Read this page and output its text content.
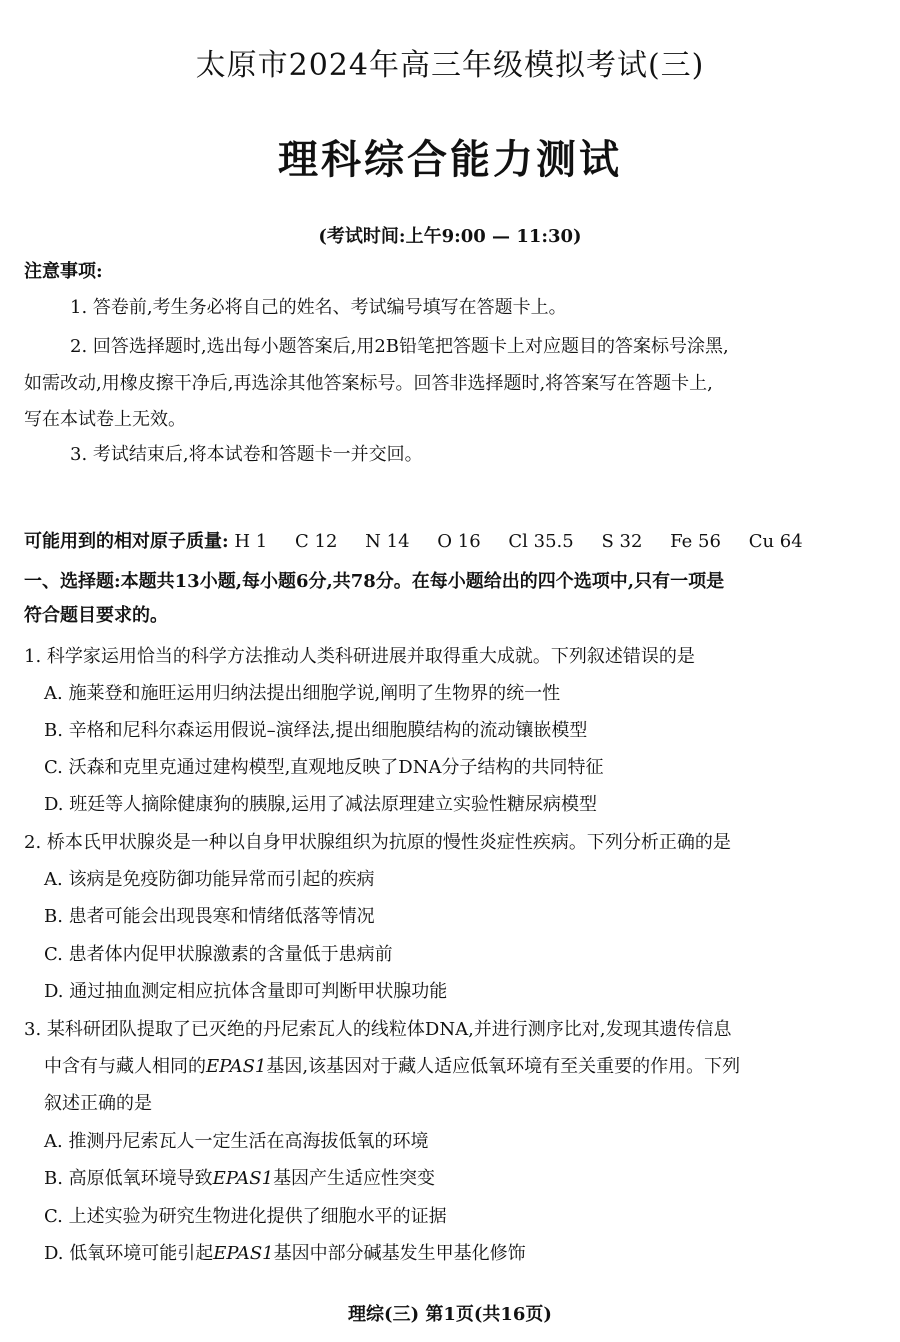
太原市2024年高三年级模拟考试(三)
理科综合能力测试
(考试时间:上午9:00 — 11:30)
注意事项:
1. 答卷前,考生务必将自己的姓名、考试编号填写在答题卡上。
2. 回答选择题时,选出每小题答案后,用2B铅笔把答题卡上对应题目的答案标号涂黑,
如需改动,用橡皮擦干净后,再选涂其他答案标号。回答非选择题时,将答案写在答题卡上,
写在本试卷上无效。
3. 考试结束后,将本试卷和答题卡一并交回。
可能用到的相对原子质量: H 1 C 12 N 14 O 16 Cl 35.5 S 32 Fe 56 Cu 64
一、选择题:本题共13小题,每小题6分,共78分。在每小题给出的四个选项中,只有一项是
符合题目要求的。
1. 科学家运用恰当的科学方法推动人类科研进展并取得重大成就。下列叙述错误的是
A. 施莱登和施旺运用归纳法提出细胞学说,阐明了生物界的统一性
B. 辛格和尼科尔森运用假说–演绎法,提出细胞膜结构的流动镶嵌模型
C. 沃森和克里克通过建构模型,直观地反映了DNA分子结构的共同特征
D. 班廷等人摘除健康狗的胰腺,运用了减法原理建立实验性糖尿病模型
2. 桥本氏甲状腺炎是一种以自身甲状腺组织为抗原的慢性炎症性疾病。下列分析正确的是
A. 该病是免疫防御功能异常而引起的疾病
B. 患者可能会出现畏寒和情绪低落等情况
C. 患者体内促甲状腺激素的含量低于患病前
D. 通过抽血测定相应抗体含量即可判断甲状腺功能
3. 某科研团队提取了已灭绝的丹尼索瓦人的线粒体DNA,并进行测序比对,发现其遗传信息
中含有与藏人相同的EPAS1基因,该基因对于藏人适应低氧环境有至关重要的作用。下列
叙述正确的是
A. 推测丹尼索瓦人一定生活在高海拔低氧的环境
B. 高原低氧环境导致EPAS1基因产生适应性突变
C. 上述实验为研究生物进化提供了细胞水平的证据
D. 低氧环境可能引起EPAS1基因中部分碱基发生甲基化修饰
理综(三) 第1页(共16页)
